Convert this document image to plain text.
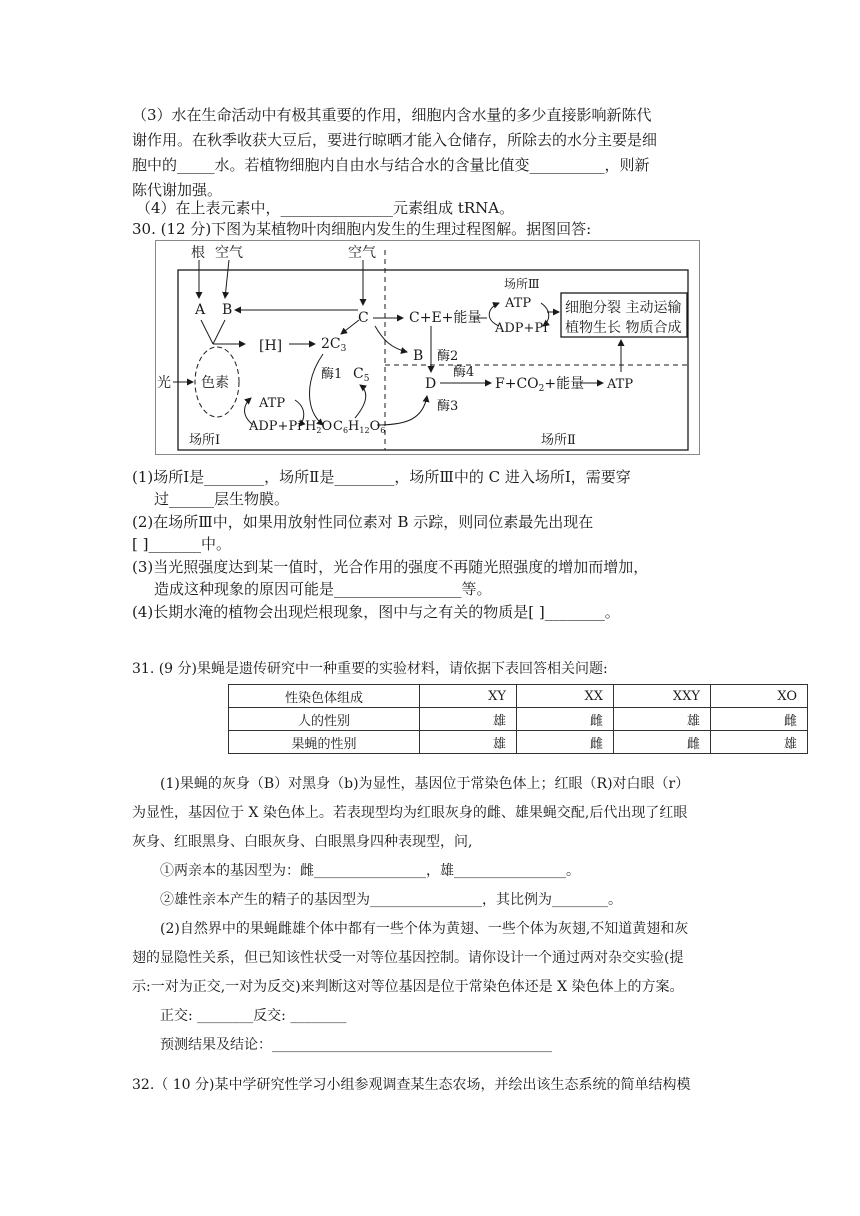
（3）水在生命活动中有极其重要的作用，细胞内含水量的多少直接影响新陈代
谢作用。在秋季收获大豆后，要进行晾晒才能入仓储存，所除去的水分主要是细
胞中的_____水。若植物细胞内自由水与结合水的含量比值变__________，则新
陈代谢加强。
（4）在上表元素中，_______________元素组成 tRNA。
30. (12 分)下图为某植物叶肉细胞内发生的生理过程图解。据图回答:
根 空气	空气
A B
色素
光
[H]	$2C_3$
$C_5$
酶1
ATP
ADP+Pi $H_2O$ $C_6H_{12}O_6$
C	C+E+能量
B 酶2
场所Ⅲ
ATP
ADP+Pi
细胞分裂 主动运输
植物生长 物质合成
D
酶4
$F+CO_2+$能量 ATP
酶3
场所Ⅰ	场所Ⅱ
(1)场所Ⅰ是________，场所Ⅱ是________，场所Ⅲ中的 C 进入场所Ⅰ，需要穿
过______层生物膜。
(2)在场所Ⅲ中，如果用放射性同位素对 B 示踪，则同位素最先出现在
[ ]_______中。
(3)当光照强度达到某一值时，光合作用的强度不再随光照强度的增加而增加，
造成这种现象的原因可能是_________________等。
(4)长期水淹的植物会出现烂根现象，图中与之有关的物质是[ ]________。
31. (9 分)果蝇是遗传研究中一种重要的实验材料，请依据下表回答相关问题:
性染色体组成	XY	XX	XXY	XO
人的性别	雄	雌	雄	雌
果蝇的性别	雄	雌	雌	雄
(1)果蝇的灰身（B）对黑身（b)为显性，基因位于常染色体上；红眼（R)对白眼（r）
为显性，基因位于 X 染色体上。若表现型均为红眼灰身的雌、雄果蝇交配,后代出现了红眼
灰身、红眼黑身、白眼灰身、白眼黑身四种表现型，问,
①两亲本的基因型为：雌________________，雄________________。
②雄性亲本产生的精子的基因型为________________，其比例为________。
(2)自然界中的果蝇雌雄个体中都有一些个体为黄翅、一些个体为灰翅,不知道黄翅和灰
翅的显隐性关系，但已知该性状受一对等位基因控制。请你设计一个通过两对杂交实验(提
示:一对为正交,一对为反交)来判断这对等位基因是位于常染色体还是 X 染色体上的方案。
正交: ________反交: ________
预测结果及结论：________________________________________
32.（ 10 分)某中学研究性学习小组参观调查某生态农场，并绘出该生态系统的简单结构模
